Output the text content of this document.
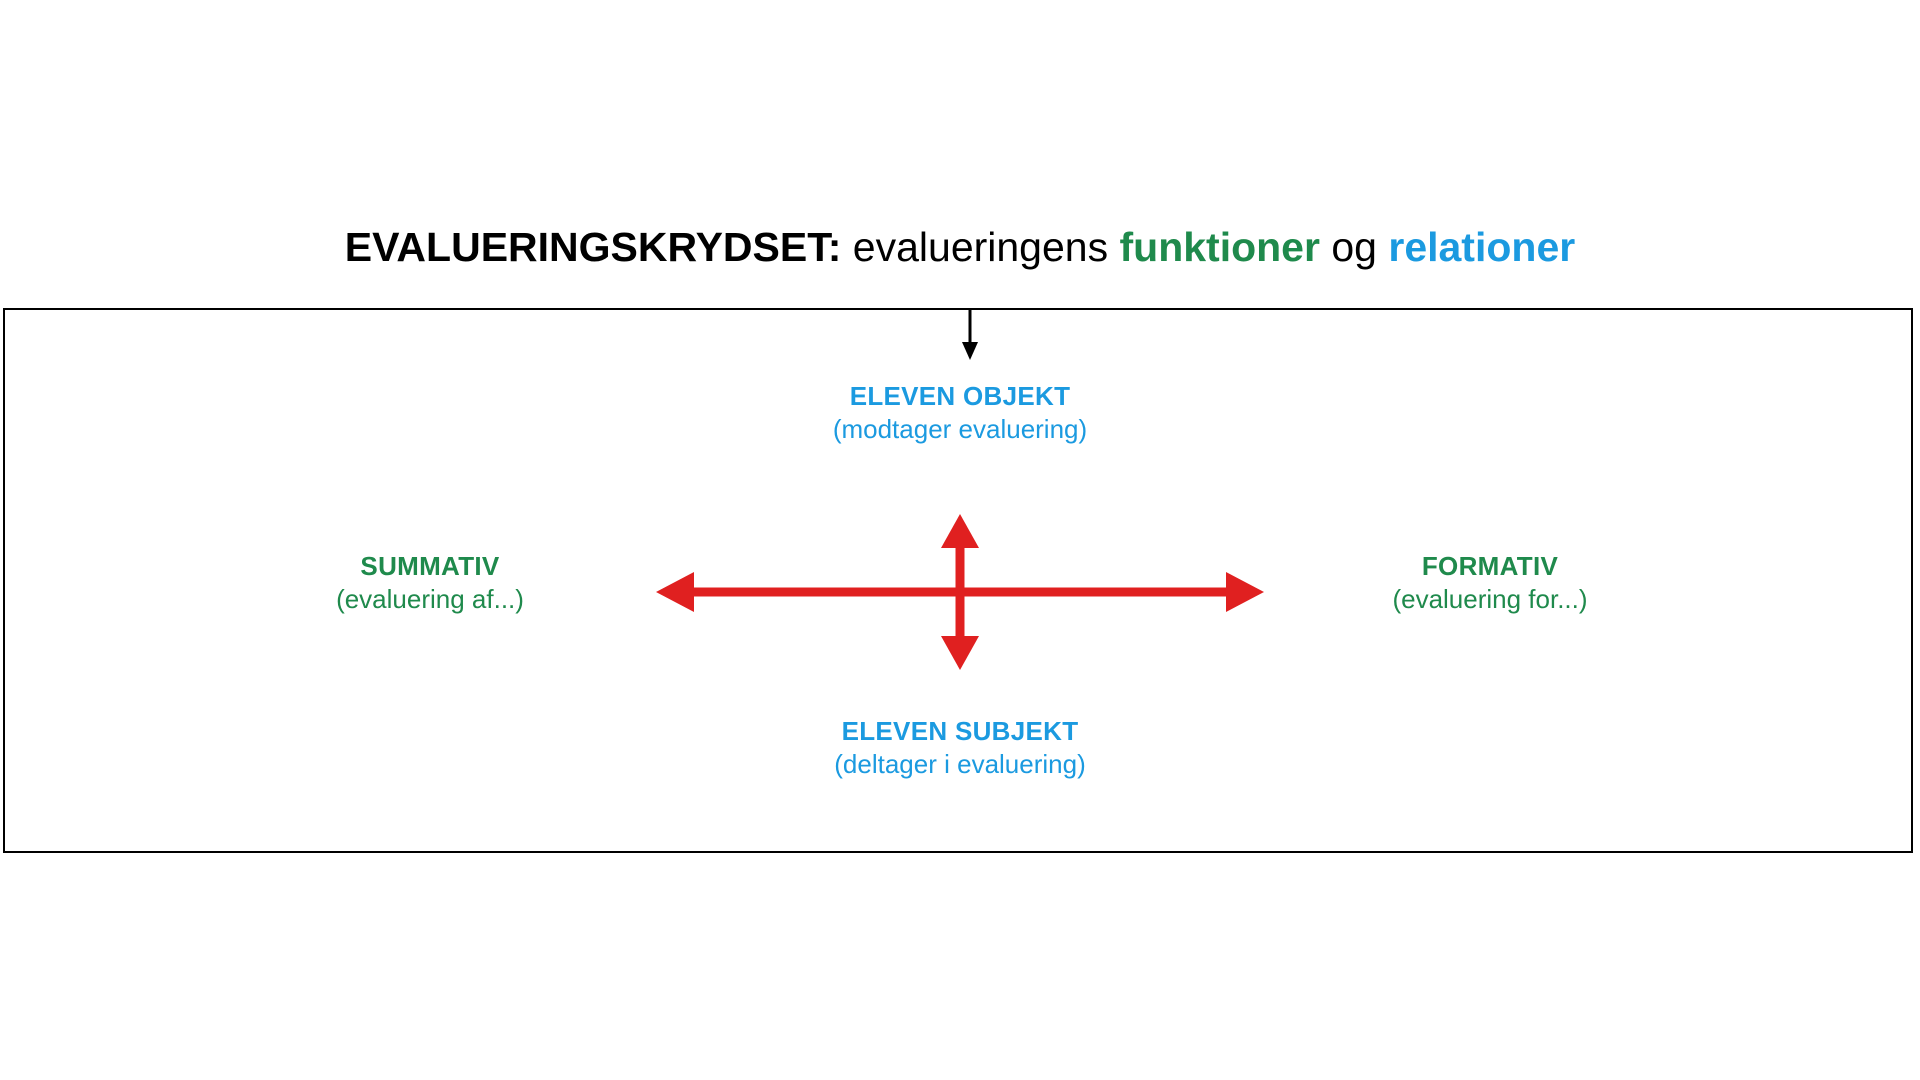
EVALUERINGSKRYDSET: evalueringens funktioner og relationer
ELEVEN OBJEKT
(modtager evaluering)
ELEVEN SUBJEKT
(deltager i evaluering)
SUMMATIV
(evaluering af...)
FORMATIV
(evaluering for...)
